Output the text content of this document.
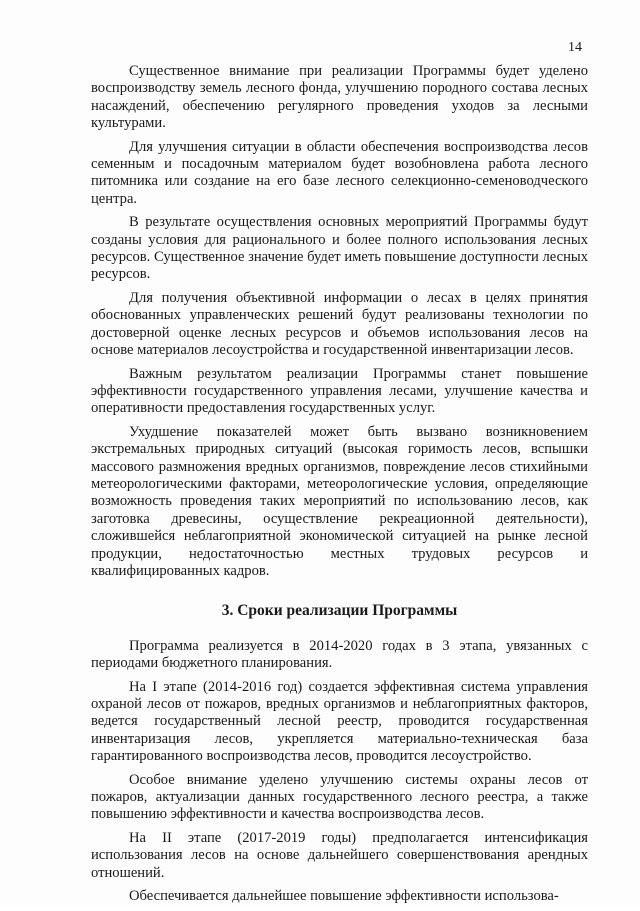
14

Существенное внимание при реализации Программы будет уделено воспроизводству земель лесного фонда, улучшению породного состава лесных насаждений, обеспечению регулярного проведения уходов за лесными культурами.

Для улучшения ситуации в области обеспечения воспроизводства лесов семенным и посадочным материалом будет возобновлена работа лесного питомника или создание на его базе лесного селекционно-семеноводческого центра.

В результате осуществления основных мероприятий Программы будут созданы условия для рационального и более полного использования лесных ресурсов. Существенное значение будет иметь повышение доступности лесных ресурсов.

Для получения объективной информации о лесах в целях принятия обоснованных управленческих решений будут реализованы технологии по достоверной оценке лесных ресурсов и объемов использования лесов на основе материалов лесоустройства и государственной инвентаризации лесов.

Важным результатом реализации Программы станет повышение эффективности государственного управления лесами, улучшение качества и оперативности предоставления государственных услуг.

Ухудшение показателей может быть вызвано возникновением экстремальных природных ситуаций (высокая горимость лесов, вспышки массового размножения вредных организмов, повреждение лесов стихийными метеорологическими факторами, метеорологические условия, определяющие возможность проведения таких мероприятий по использованию лесов, как заготовка древесины, осуществление рекреационной деятельности), сложившейся неблагоприятной экономической ситуацией на рынке лесной продукции, недостаточностью местных трудовых ресурсов и квалифицированных кадров.

3. Сроки реализации Программы

Программа реализуется в 2014-2020 годах в 3 этапа, увязанных с периодами бюджетного планирования.

На I этапе (2014-2016 год) создается эффективная система управления охраной лесов от пожаров, вредных организмов и неблагоприятных факторов, ведется государственный лесной реестр, проводится государственная инвентаризация лесов, укрепляется материально-техническая база гарантированного воспроизводства лесов, проводится лесоустройство.

Особое внимание уделено улучшению системы охраны лесов от пожаров, актуализации данных государственного лесного реестра, а также повышению эффективности и качества воспроизводства лесов.

На II этапе (2017-2019 годы) предполагается интенсификация использования лесов на основе дальнейшего совершенствования арендных отношений.

Обеспечивается дальнейшее повышение эффективности использова-
